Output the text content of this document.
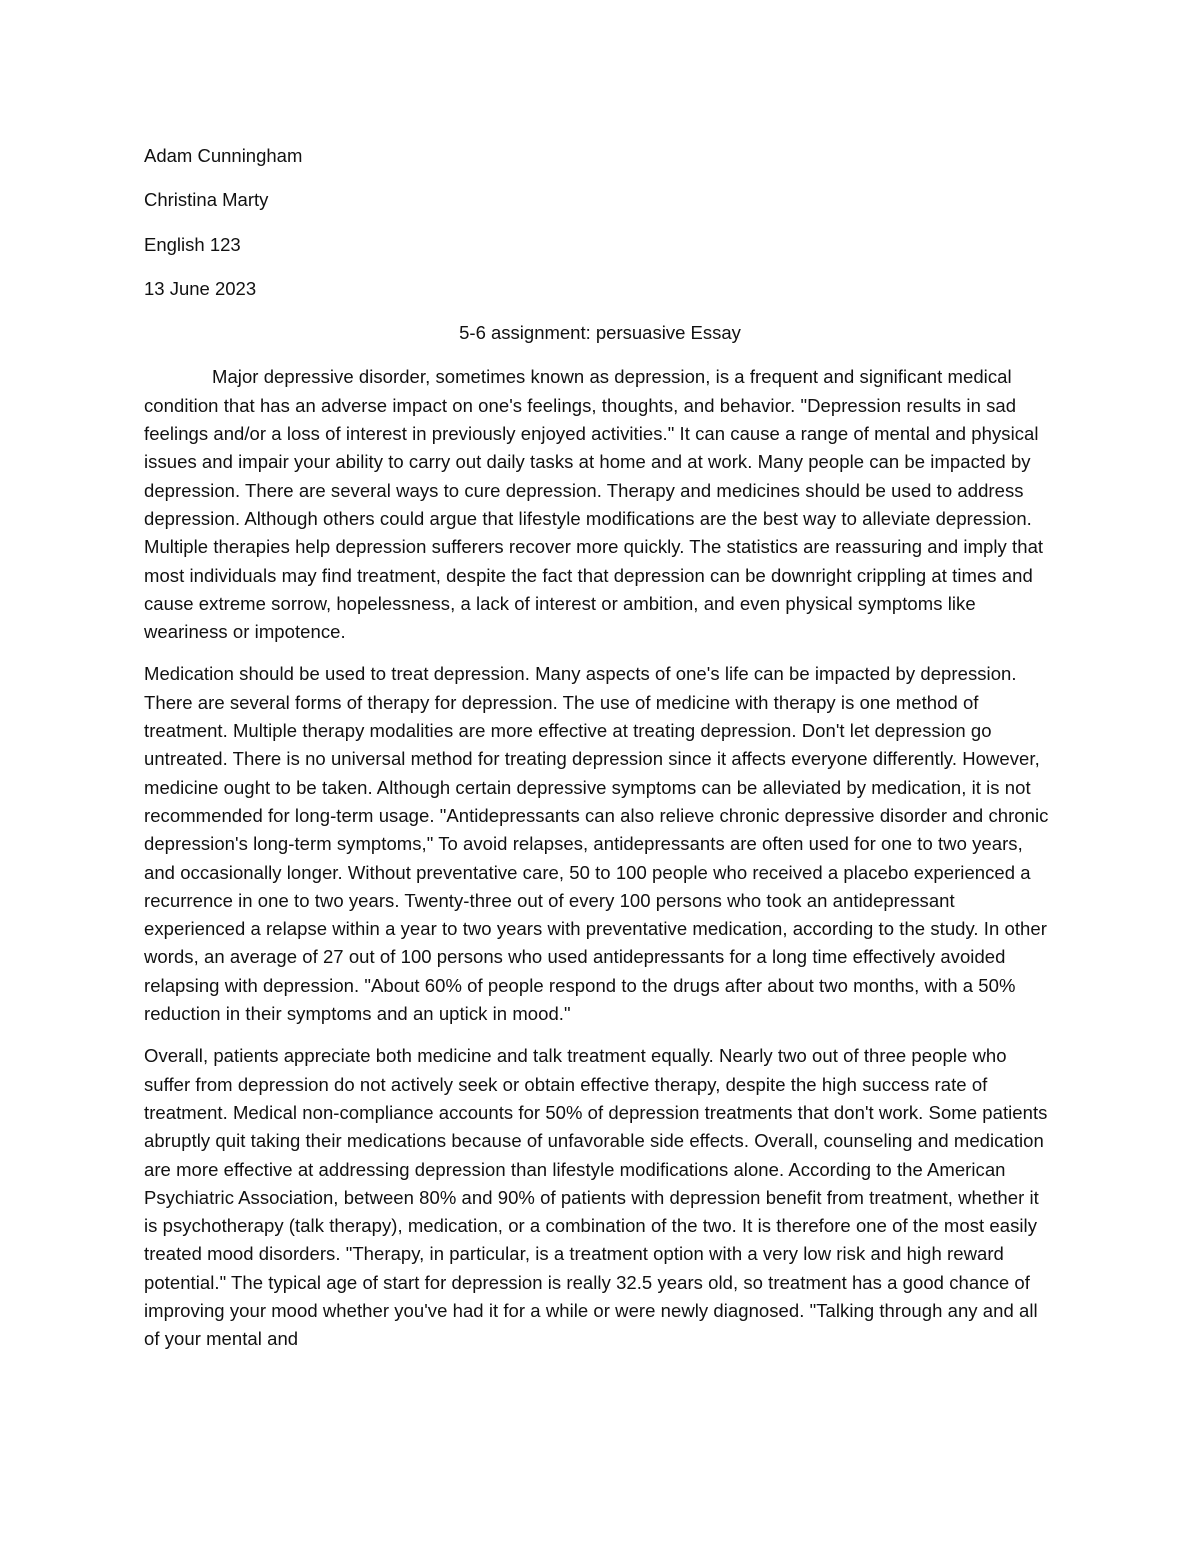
Adam Cunningham

Christina Marty

English 123

13 June 2023

5-6 assignment: persuasive Essay

Major depressive disorder, sometimes known as depression, is a frequent and significant medical condition that has an adverse impact on one's feelings, thoughts, and behavior. "Depression results in sad feelings and/or a loss of interest in previously enjoyed activities." It can cause a range of mental and physical issues and impair your ability to carry out daily tasks at home and at work. Many people can be impacted by depression. There are several ways to cure depression. Therapy and medicines should be used to address depression. Although others could argue that lifestyle modifications are the best way to alleviate depression. Multiple therapies help depression sufferers recover more quickly. The statistics are reassuring and imply that most individuals may find treatment, despite the fact that depression can be downright crippling at times and cause extreme sorrow, hopelessness, a lack of interest or ambition, and even physical symptoms like weariness or impotence.

Medication should be used to treat depression. Many aspects of one's life can be impacted by depression. There are several forms of therapy for depression. The use of medicine with therapy is one method of treatment. Multiple therapy modalities are more effective at treating depression. Don't let depression go untreated. There is no universal method for treating depression since it affects everyone differently. However, medicine ought to be taken. Although certain depressive symptoms can be alleviated by medication, it is not recommended for long-term usage. "Antidepressants can also relieve chronic depressive disorder and chronic depression's long-term symptoms," To avoid relapses, antidepressants are often used for one to two years, and occasionally longer. Without preventative care, 50 to 100 people who received a placebo experienced a recurrence in one to two years. Twenty-three out of every 100 persons who took an antidepressant experienced a relapse within a year to two years with preventative medication, according to the study. In other words, an average of 27 out of 100 persons who used antidepressants for a long time effectively avoided relapsing with depression. "About 60% of people respond to the drugs after about two months, with a 50% reduction in their symptoms and an uptick in mood."

Overall, patients appreciate both medicine and talk treatment equally. Nearly two out of three people who suffer from depression do not actively seek or obtain effective therapy, despite the high success rate of treatment. Medical non-compliance accounts for 50% of depression treatments that don't work. Some patients abruptly quit taking their medications because of unfavorable side effects. Overall, counseling and medication are more effective at addressing depression than lifestyle modifications alone. According to the American Psychiatric Association, between 80% and 90% of patients with depression benefit from treatment, whether it is psychotherapy (talk therapy), medication, or a combination of the two. It is therefore one of the most easily treated mood disorders. "Therapy, in particular, is a treatment option with a very low risk and high reward potential." The typical age of start for depression is really 32.5 years old, so treatment has a good chance of improving your mood whether you've had it for a while or were newly diagnosed. "Talking through any and all of your mental and
